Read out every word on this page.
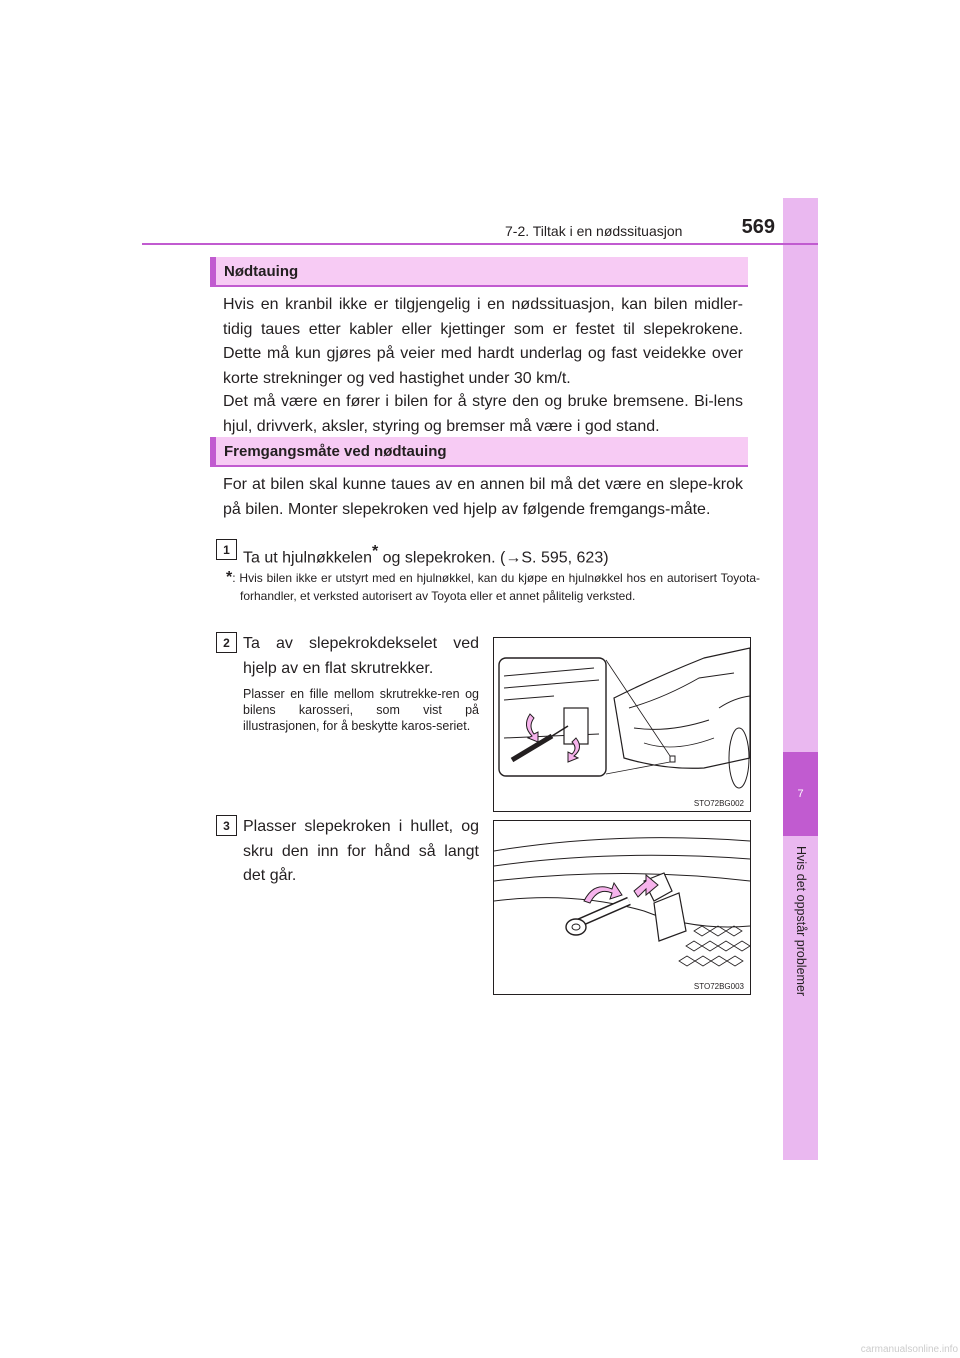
7
Hvis det oppstår problemer
7-2. Tiltak i en nødssituasjon	569
Nødtauing

Hvis en kranbil ikke er tilgjengelig i en nødssituasjon, kan bilen midler-tidig taues etter kabler eller kjettinger som er festet til slepekrokene. Dette må kun gjøres på veier med hardt underlag og fast veidekke over korte strekninger og ved hastighet under 30 km/t.

Det må være en fører i bilen for å styre den og bruke bremsene. Bi-lens hjul, drivverk, aksler, styring og bremser må være i god stand.

Fremgangsmåte ved nødtauing

For at bilen skal kunne taues av en annen bil må det være en slepe-krok på bilen. Monter slepekroken ved hjelp av følgende fremgangs-måte.

1 Ta ut hjulnøkkelen* og slepekroken. (→S. 595, 623)

*: Hvis bilen ikke er utstyrt med en hjulnøkkel, kan du kjøpe en hjulnøkkel hos en autorisert Toyota-forhandler, et verksted autorisert av Toyota eller et annet pålitelig verksted.

2 Ta av slepekrokdekselet ved hjelp av en flat skrutrekker.

Plasser en fille mellom skrutrekke-ren og bilens karosseri, som vist på illustrasjonen, for å beskytte karos-seriet.

STO72BG002
3 Plasser slepekroken i hullet, og skru den inn for hånd så langt det går.

STO72BG003
carmanualsonline.info
